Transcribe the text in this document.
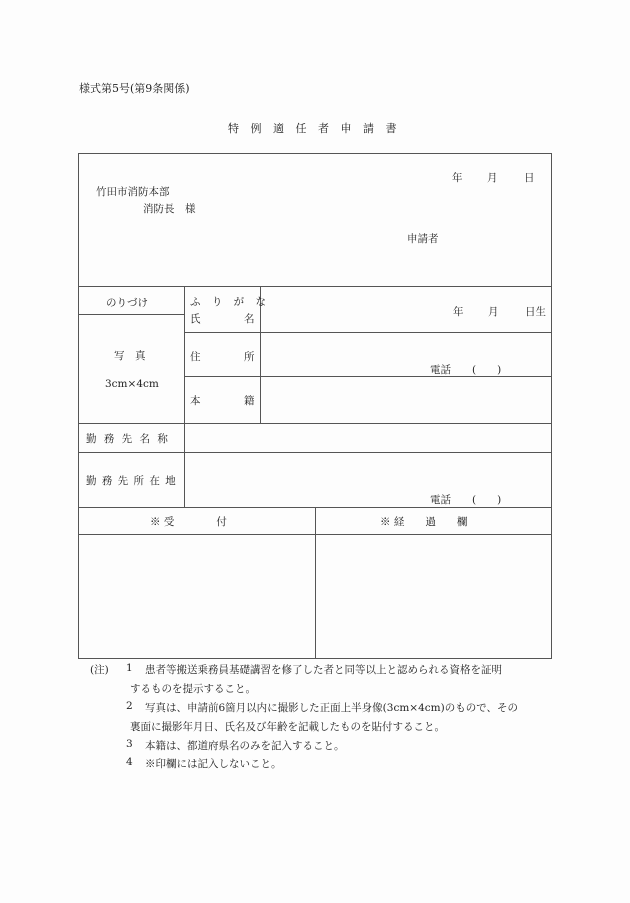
様式第5号(第9条関係)
特 例 適 任 者 申 請 書
年 月	日
竹田市消防本部
消防長　様
申請者
のりづけ
写　真
3cm×4cm
ふ り が な
氏	名
年 月	日生
住	所
電話　　(　　)
本	籍
勤 務 先 名 称
勤 務 先 所 在 地
電話　　(　　)
※ 受　　　　付	※ 経　　過　　欄
(注) 1 患者等搬送乗務員基礎講習を修了した者と同等以上と認められる資格を証明
するものを提示すること。
2 写真は、申請前6箇月以内に撮影した正面上半身像(3cm×4cm)のもので、その
裏面に撮影年月日、氏名及び年齢を記載したものを貼付すること。
3 本籍は、都道府県名のみを記入すること。
4 ※印欄には記入しないこと。
